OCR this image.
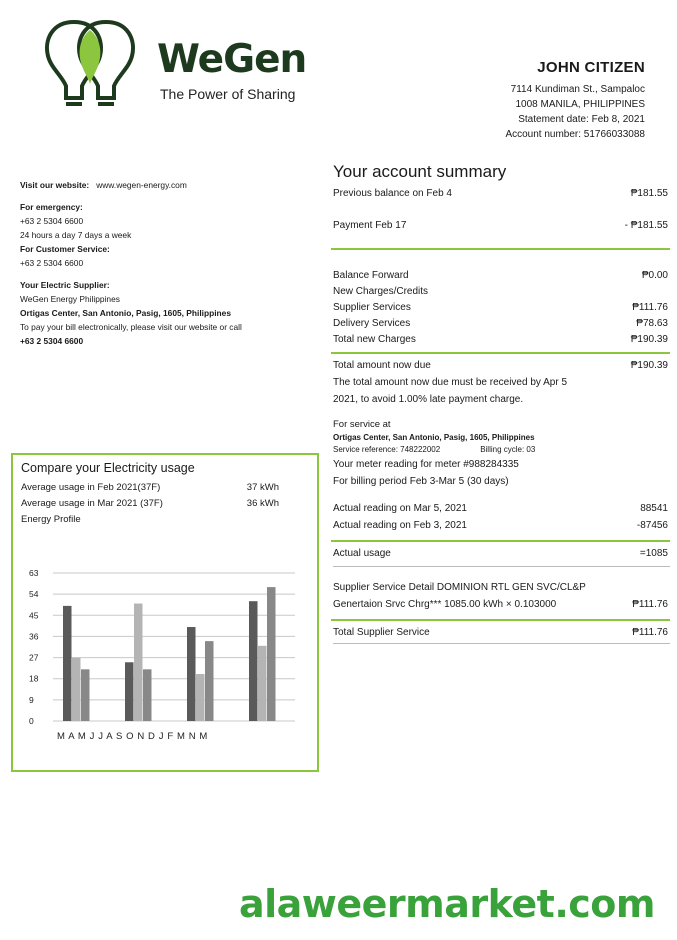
WeGen
The Power of Sharing
JOHN CITIZEN
7114 Kundiman St., Sampaloc
1008 MANILA, PHILIPPINES
Statement date: Feb 8, 2021
Account number: 51766033088
Visit our website: www.wegen-energy.com
For emergency:
+63 2 5304 6600
24 hours a day 7 days a week
For Customer Service:
+63 2 5304 6600
Your Electric Supplier:
WeGen Energy Philippines
Ortigas Center, San Antonio, Pasig, 1605, Philippines
To pay your bill electronically, please visit our website or call
+63 2 5304 6600
Your account summary
Previous balance on Feb 4	₱181.55
Payment Feb 17	- ₱181.55
Balance Forward	₱0.00
New Charges/Credits
Supplier Services	₱111.76
Delivery Services	₱78.63
Total new Charges	₱190.39
Total amount now due	₱190.39
The total amount now due must be received by Apr 5
2021, to avoid 1.00% late payment charge.
For service at
Ortigas Center, San Antonio, Pasig, 1605, Philippines
Service reference: 748222002	Billing cycle: 03
Your meter reading for meter #988284335
For billing period Feb 3-Mar 5 (30 days)
Actual reading on Mar 5, 2021	88541
Actual reading on Feb 3, 2021	-87456
Actual usage	=1085
Supplier Service Detail DOMINION RTL GEN SVC/CL&P
Genertaion Srvc Chrg*** 1085.00 kWh × 0.103000	₱111.76
Total Supplier Service	₱111.76
Compare your Electricity usage
Average usage in Feb 2021(37F)	37 kWh
Average usage in Mar 2021 (37F)	36 kWh
Energy Profile
63
54
45
36
27
18
9
0
M A M J J A S O N D J F M N M
alaweermarket.com
